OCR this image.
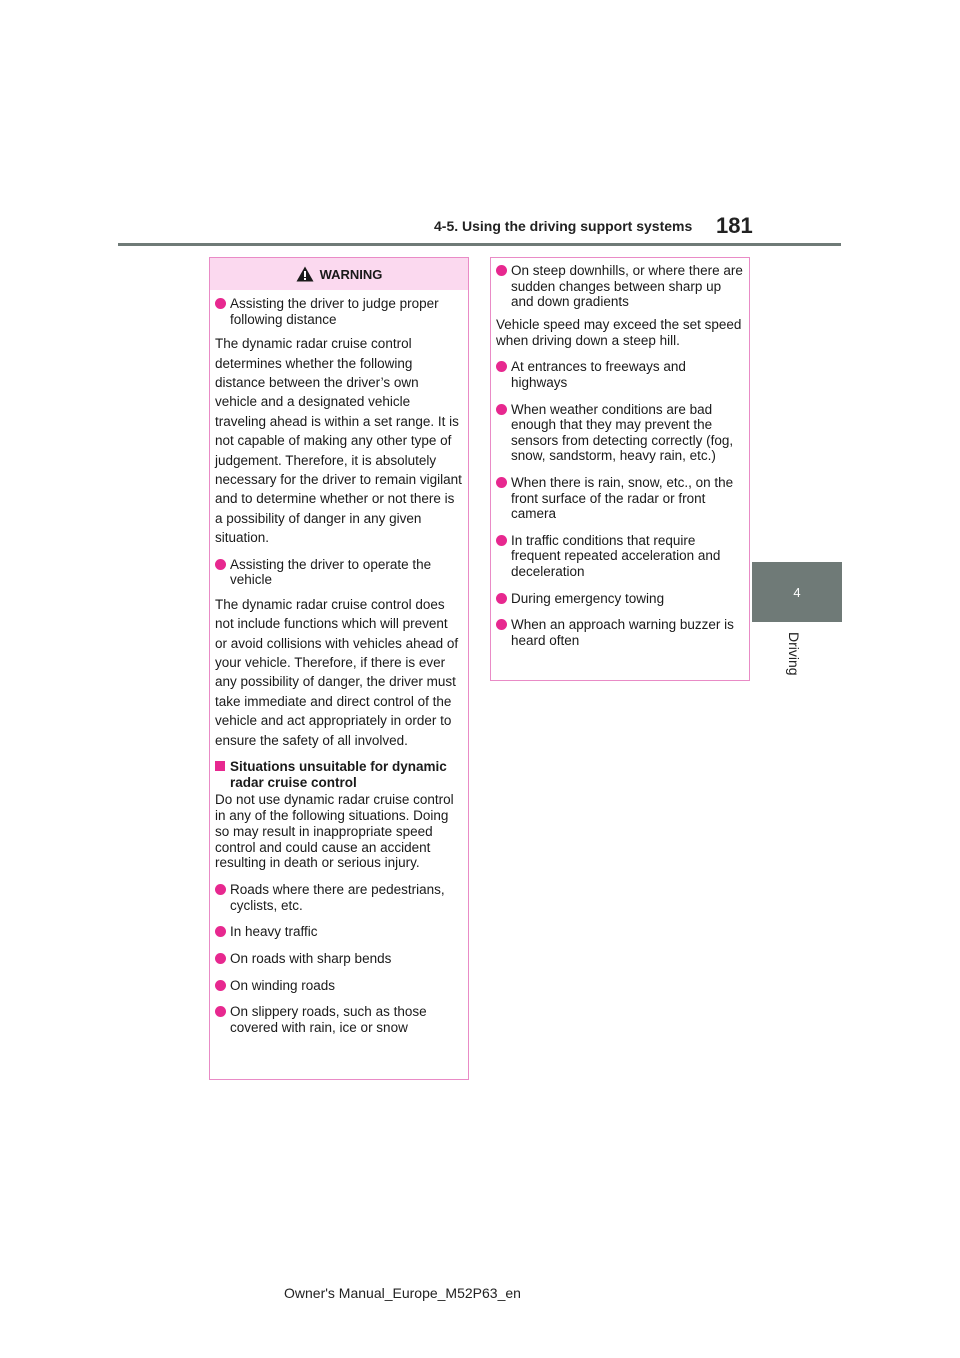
4-5. Using the driving support systems 181
4
Driving
WARNING
Assisting the driver to judge proper following distance
The dynamic radar cruise control determines whether the following distance between the driver’s own vehicle and a designated vehicle traveling ahead is within a set range. It is not capable of making any other type of judgement. Therefore, it is absolutely necessary for the driver to remain vigilant and to determine whether or not there is a possibility of danger in any given situation.
Assisting the driver to operate the vehicle
The dynamic radar cruise control does not include functions which will prevent or avoid collisions with vehicles ahead of your vehicle. Therefore, if there is ever any possibility of danger, the driver must take immediate and direct control of the vehicle and act appropriately in order to ensure the safety of all involved.
Situations unsuitable for dynamic radar cruise control
Do not use dynamic radar cruise control in any of the following situations. Doing so may result in inappropriate speed control and could cause an accident resulting in death or serious injury.
Roads where there are pedestrians, cyclists, etc.
In heavy traffic
On roads with sharp bends
On winding roads
On slippery roads, such as those covered with rain, ice or snow
On steep downhills, or where there are sudden changes between sharp up and down gradients
Vehicle speed may exceed the set speed when driving down a steep hill.
At entrances to freeways and highways
When weather conditions are bad enough that they may prevent the sensors from detecting correctly (fog, snow, sandstorm, heavy rain, etc.)
When there is rain, snow, etc., on the front surface of the radar or front camera
In traffic conditions that require frequent repeated acceleration and deceleration
During emergency towing
When an approach warning buzzer is heard often
Owner's Manual_Europe_M52P63_en
